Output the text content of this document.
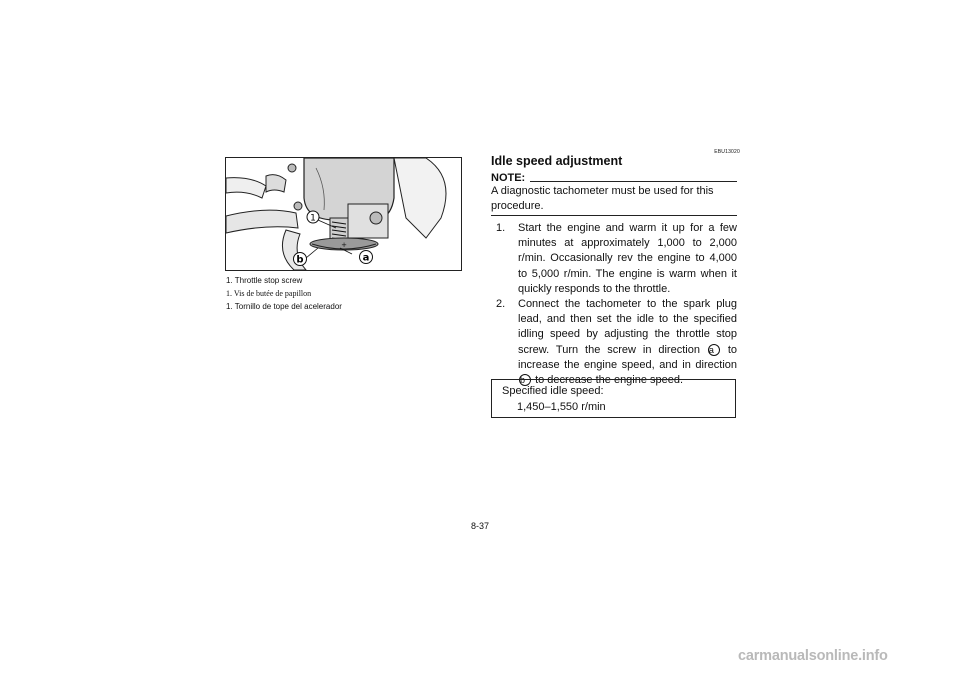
+
1
b	a
1. Throttle stop screw
1. Vis de butée de papillon
1. Tornillo de tope del acelerador
EBU13020
Idle speed adjustment
NOTE:
A diagnostic tachometer must be used for this procedure.
1.	Start the engine and warm it up for a few minutes at approximately 1,000 to 2,000 r/min. Occasionally rev the engine to 4,000 to 5,000 r/min. The engine is warm when it quickly responds to the throttle.
2.	Connect the tachometer to the spark plug lead, and then set the idle to the specified idling speed by adjusting the throttle stop screw. Turn the screw in direction a to increase the engine speed, and in direction b to decrease the engine speed.
Specified idle speed:
1,450–1,550 r/min
8-37
carmanualsonline.info
